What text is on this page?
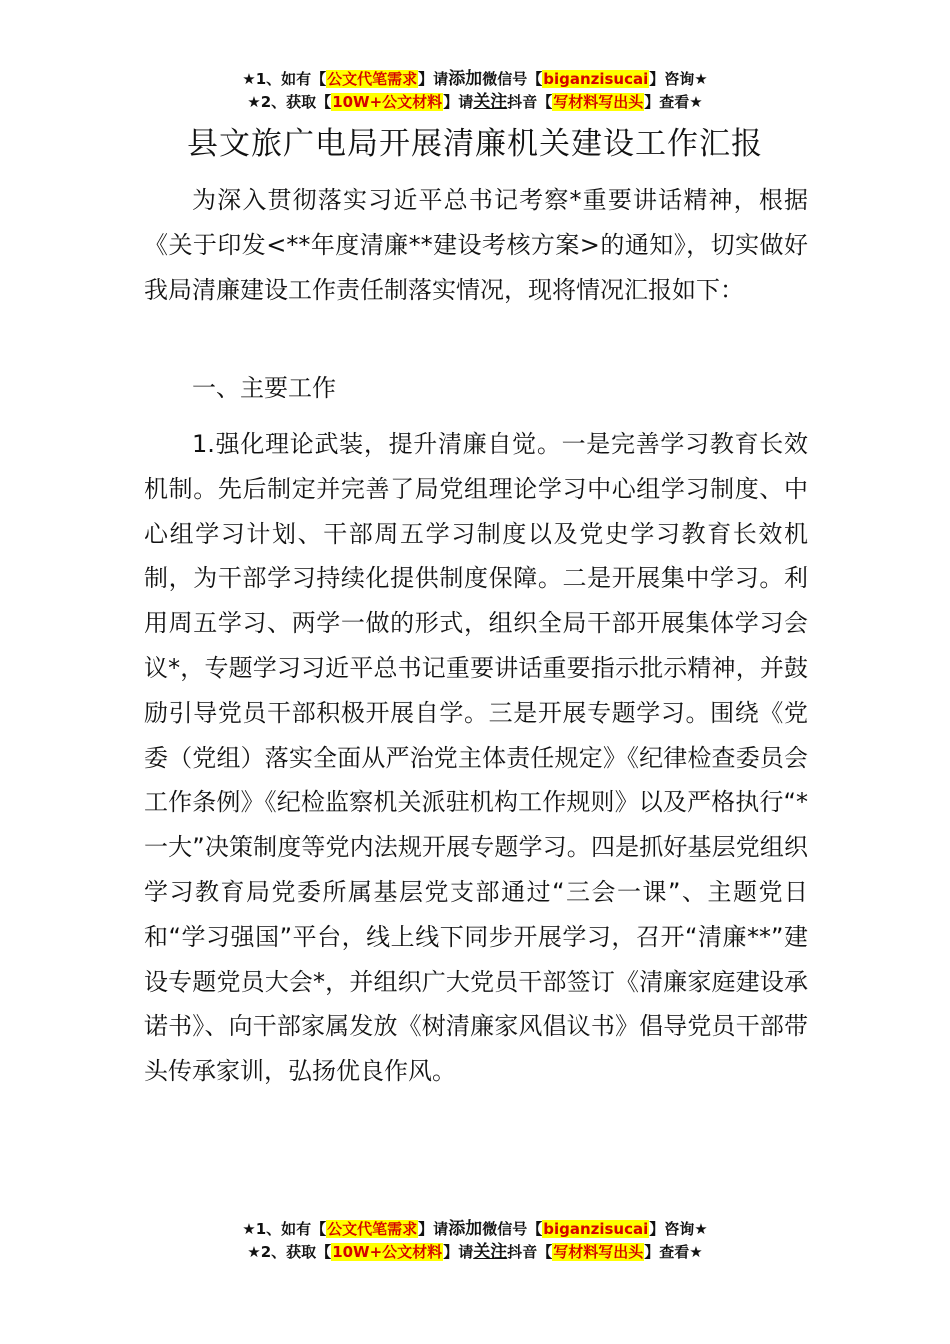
★1、如有【公文代笔需求】请添加微信号【biganzisucai】咨询★
★2、获取【10W+公文材料】请关注抖音【写材料写出头】查看★
县文旅广电局开展清廉机关建设工作汇报

为深入贯彻落实习近平总书记考察*重要讲话精神，根据《关于印发<**年度清廉**建设考核方案>的通知》，切实做好我局清廉建设工作责任制落实情况，现将情况汇报如下：

一、主要工作

1.强化理论武装，提升清廉自觉。一是完善学习教育长效机制。先后制定并完善了局党组理论学习中心组学习制度、中心组学习计划、干部周五学习制度以及党史学习教育长效机制，为干部学习持续化提供制度保障。二是开展集中学习。利用周五学习、两学一做的形式，组织全局干部开展集体学习会议*，专题学习习近平总书记重要讲话重要指示批示精神，并鼓励引导党员干部积极开展自学。三是开展专题学习。围绕《党委（党组）落实全面从严治党主体责任规定》《纪律检查委员会工作条例》《纪检监察机关派驻机构工作规则》以及严格执行“*一大”决策制度等党内法规开展专题学习。四是抓好基层党组织学习教育局党委所属基层党支部通过“三会一课”、主题党日和“学习强国”平台，线上线下同步开展学习，召开“清廉**”建设专题党员大会*，并组织广大党员干部签订《清廉家庭建设承诺书》、向干部家属发放《树清廉家风倡议书》倡导党员干部带头传承家训，弘扬优良作风。

★1、如有【公文代笔需求】请添加微信号【biganzisucai】咨询★
★2、获取【10W+公文材料】请关注抖音【写材料写出头】查看★
